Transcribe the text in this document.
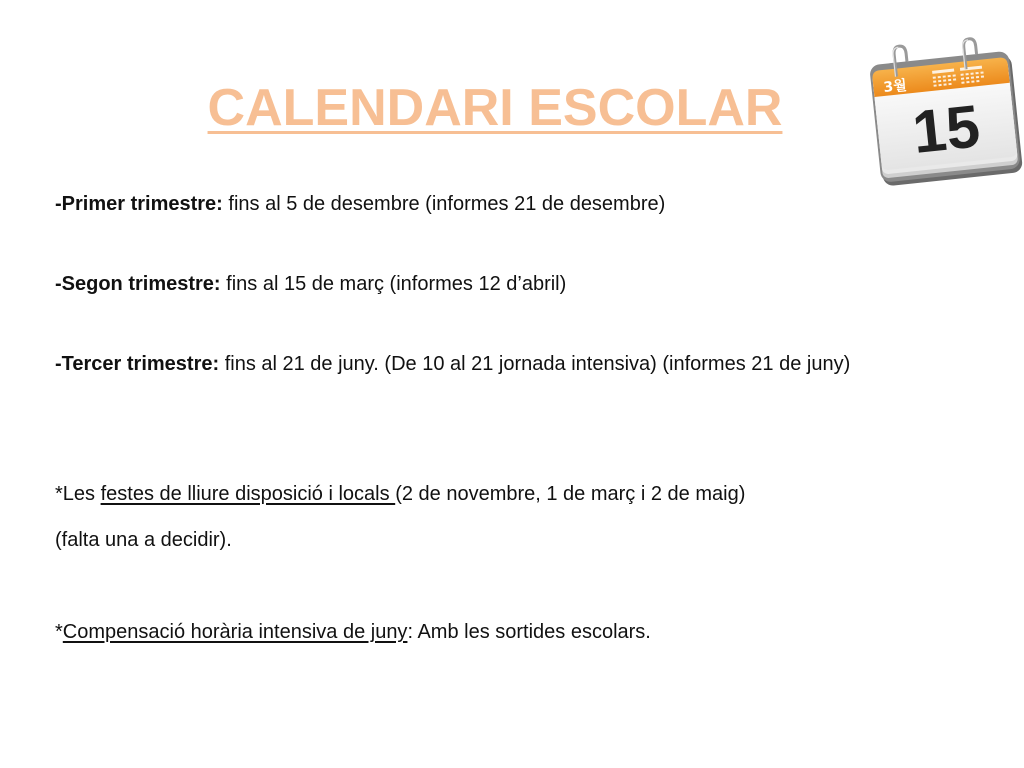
CALENDARI ESCOLAR	3월
15

-Primer trimestre: fins al 5 de desembre (informes 21 de desembre)

-Segon trimestre: fins al 15 de març (informes 12 d’abril)

-Tercer trimestre: fins al 21 de juny. (De 10 al 21 jornada intensiva) (informes 21 de juny)

*Les festes de lliure disposició i locals (2 de novembre, 1 de març i 2 de maig)

(falta una a decidir).

*Compensació horària intensiva de juny: Amb les sortides escolars.
